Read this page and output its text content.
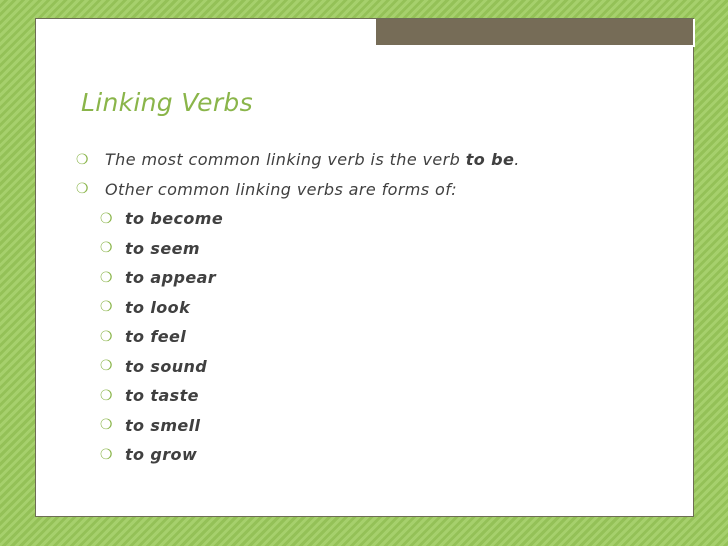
Linking Verbs
❍	The most common linking verb is the verb to be.
❍	Other common linking verbs are forms of:
❍ to become
❍ to seem
❍ to appear
❍ to look
❍ to feel
❍ to sound
❍ to taste
❍ to smell
❍ to grow
